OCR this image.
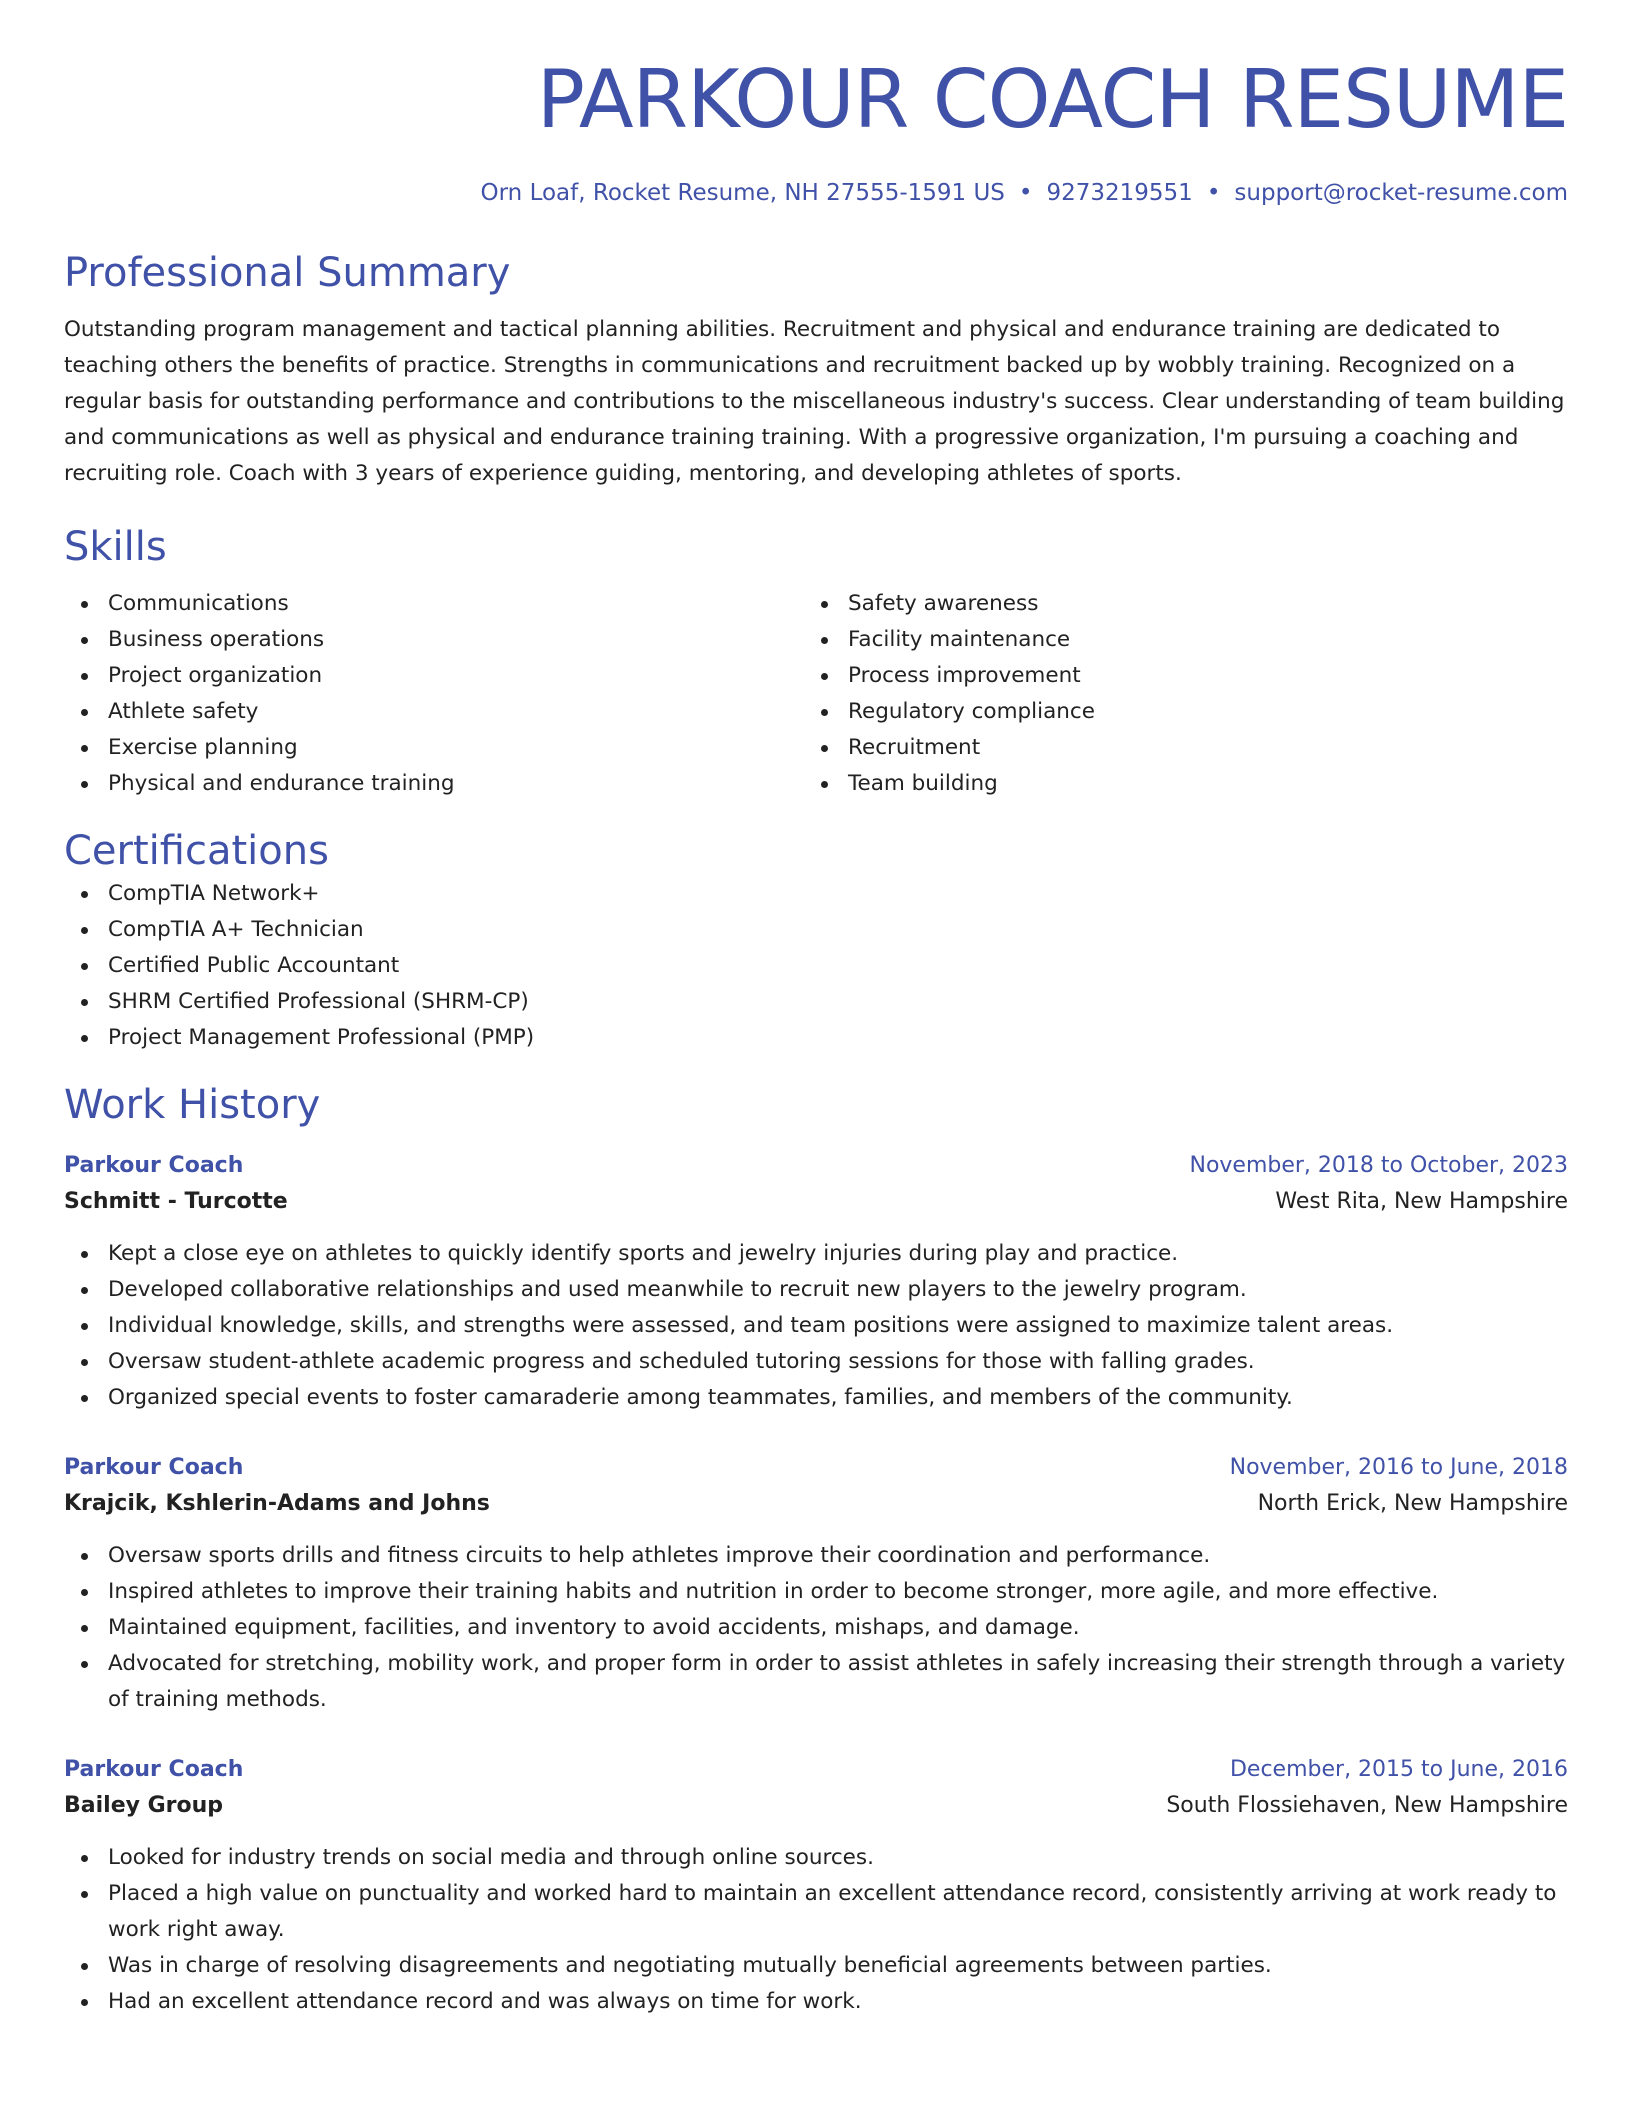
PARKOUR COACH RESUME
Orn Loaf, Rocket Resume, NH 27555-1591 US • 9273219551 • support@rocket-resume.com
Professional Summary
Outstanding program management and tactical planning abilities. Recruitment and physical and endurance training are dedicated to teaching others the benefits of practice. Strengths in communications and recruitment backed up by wobbly training. Recognized on a regular basis for outstanding performance and contributions to the miscellaneous industry's success. Clear understanding of team building and communications as well as physical and endurance training training. With a progressive organization, I'm pursuing a coaching and recruiting role. Coach with 3 years of experience guiding, mentoring, and developing athletes of sports.
Skills
Communications
Business operations
Project organization
Athlete safety
Exercise planning
Physical and endurance training
Safety awareness
Facility maintenance
Process improvement
Regulatory compliance
Recruitment
Team building
Certifications
CompTIA Network+
CompTIA A+ Technician
Certified Public Accountant
SHRM Certified Professional (SHRM-CP)
Project Management Professional (PMP)
Work History
Parkour Coach	November, 2018 to October, 2023
Schmitt - Turcotte	West Rita, New Hampshire
Kept a close eye on athletes to quickly identify sports and jewelry injuries during play and practice.
Developed collaborative relationships and used meanwhile to recruit new players to the jewelry program.
Individual knowledge, skills, and strengths were assessed, and team positions were assigned to maximize talent areas.
Oversaw student-athlete academic progress and scheduled tutoring sessions for those with falling grades.
Organized special events to foster camaraderie among teammates, families, and members of the community.
Parkour Coach	November, 2016 to June, 2018
Krajcik, Kshlerin-Adams and Johns	North Erick, New Hampshire
Oversaw sports drills and fitness circuits to help athletes improve their coordination and performance.
Inspired athletes to improve their training habits and nutrition in order to become stronger, more agile, and more effective.
Maintained equipment, facilities, and inventory to avoid accidents, mishaps, and damage.
Advocated for stretching, mobility work, and proper form in order to assist athletes in safely increasing their strength through a variety of training methods.
Parkour Coach	December, 2015 to June, 2016
Bailey Group	South Flossiehaven, New Hampshire
Looked for industry trends on social media and through online sources.
Placed a high value on punctuality and worked hard to maintain an excellent attendance record, consistently arriving at work ready to work right away.
Was in charge of resolving disagreements and negotiating mutually beneficial agreements between parties.
Had an excellent attendance record and was always on time for work.
